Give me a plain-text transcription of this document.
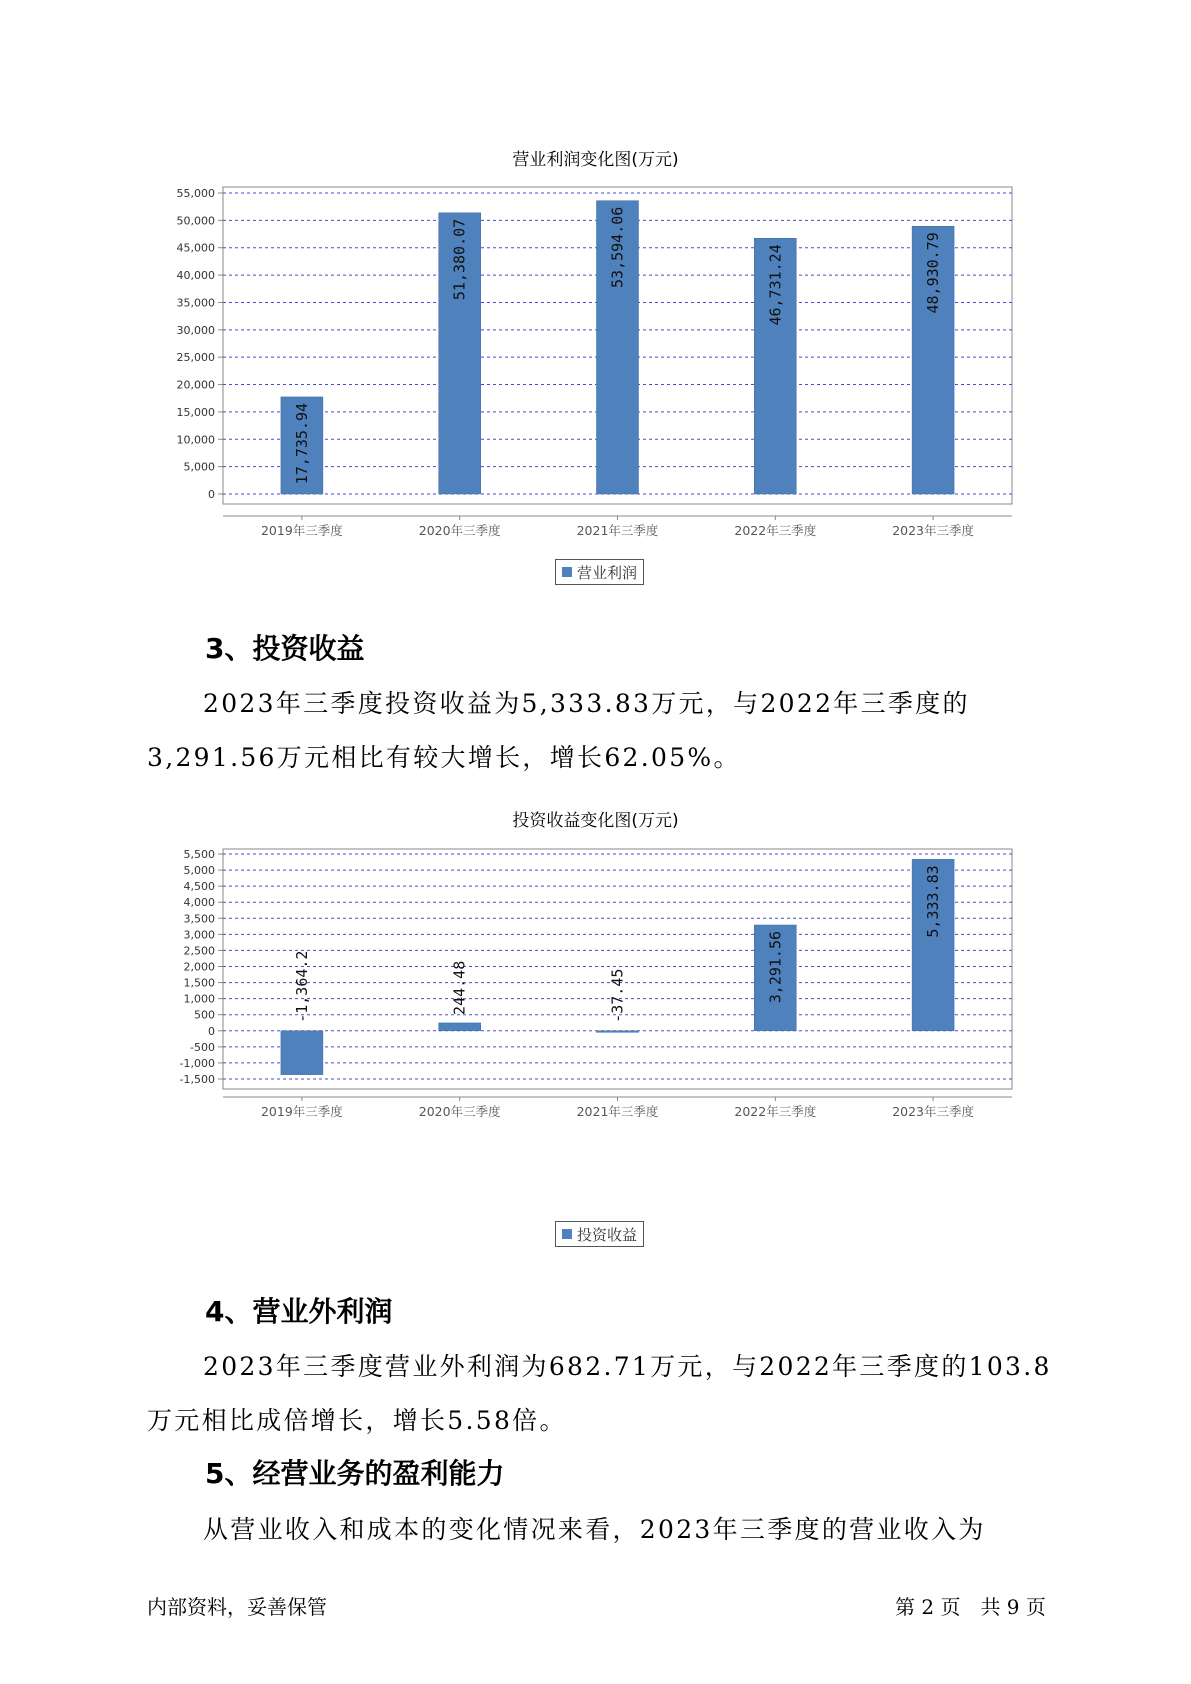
营业利润变化图(万元)
0
5,000
10,000
15,000
20,000
25,000
30,000
35,000
40,000
45,000
50,000
55,000
2019年三季度
17,735.94
2020年三季度
51,380.07
2021年三季度
53,594.06
2022年三季度
46,731.24
2023年三季度
48,930.79
营业利润
3、投资收益
2023年三季度投资收益为5,333.83万元，与2022年三季度的3,291.56万元相比有较大增长，增长62.05%。
投资收益变化图(万元)
-1,500
-1,000
-500
0
500
1,000
1,500
2,000
2,500
3,000
3,500
4,000
4,500
5,000
5,500
2019年三季度
-1,364.2
2020年三季度
244.48
2021年三季度
-37.45
2022年三季度
3,291.56
2023年三季度
5,333.83
投资收益
4、营业外利润
2023年三季度营业外利润为682.71万元，与2022年三季度的103.8万元相比成倍增长，增长5.58倍。
5、经营业务的盈利能力
从营业收入和成本的变化情况来看，2023年三季度的营业收入为
内部资料，妥善保管	第 2 页　共 9 页
